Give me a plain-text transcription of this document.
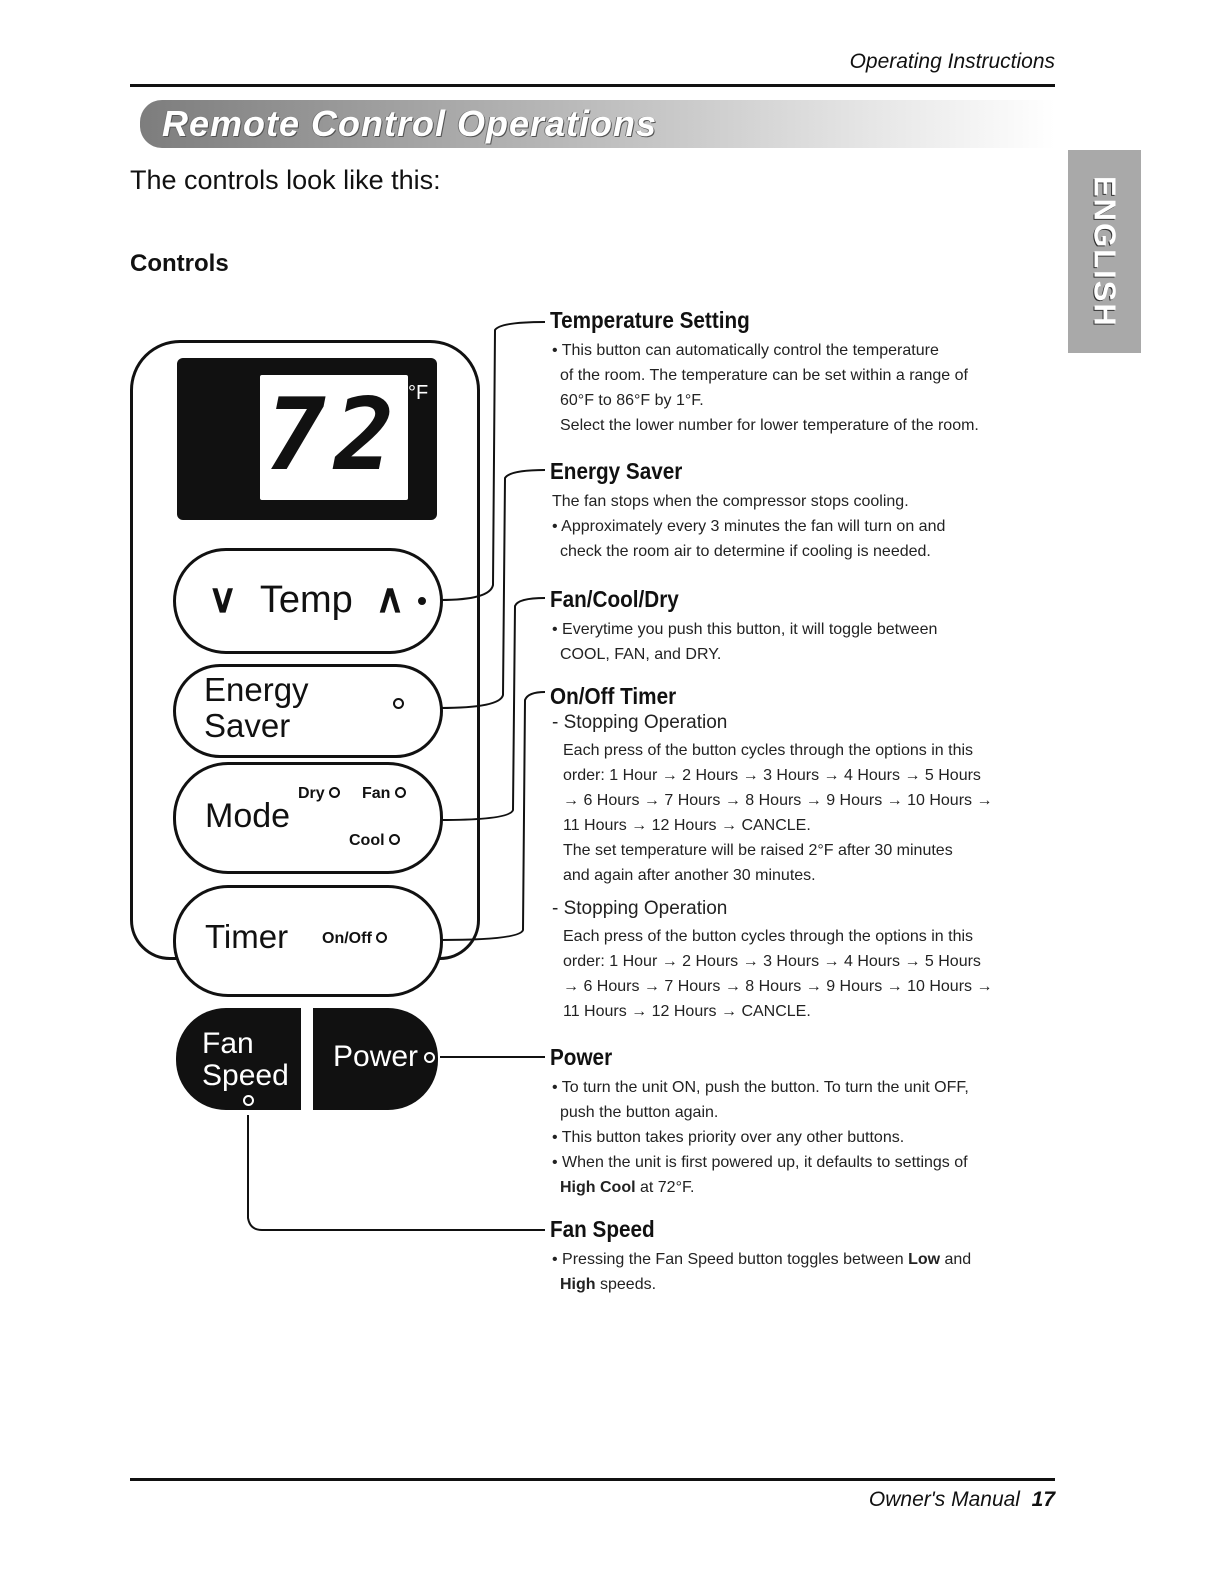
Operating Instructions
Remote Control Operations
ENGLISH
The controls look like this:
Controls
72 °F
∨ Temp ∧
Energy
Saver
Mode
Dry	Fan
Cool
Timer On/Off
Fan
Speed
Power
Temperature Setting
• This button can automatically control the temperature
of the room. The temperature can be set within a range of
60°F to 86°F by 1°F.
Select the lower number for lower temperature of the room.
Energy Saver
The fan stops when the compressor stops cooling.
• Approximately every 3 minutes the fan will turn on and
check the room air to determine if cooling is needed.
Fan/Cool/Dry
• Everytime you push this button, it will toggle between
COOL, FAN, and DRY.
On/Off Timer
- Stopping Operation
Each press of the button cycles through the options in this
order: 1 Hour → 2 Hours → 3 Hours → 4 Hours → 5 Hours
→ 6 Hours → 7 Hours → 8 Hours → 9 Hours → 10 Hours →
11 Hours → 12 Hours → CANCLE.
The set temperature will be raised 2°F after 30 minutes
and again after another 30 minutes.
- Stopping Operation
Each press of the button cycles through the options in this
order: 1 Hour → 2 Hours → 3 Hours → 4 Hours → 5 Hours
→ 6 Hours → 7 Hours → 8 Hours → 9 Hours → 10 Hours →
11 Hours → 12 Hours → CANCLE.
Power
• To turn the unit ON, push the button. To turn the unit OFF,
push the button again.
• This button takes priority over any other buttons.
• When the unit is first powered up, it defaults to settings of
High Cool at 72°F.
Fan Speed
• Pressing the Fan Speed button toggles between Low and
High speeds.
Owner's Manual 17
